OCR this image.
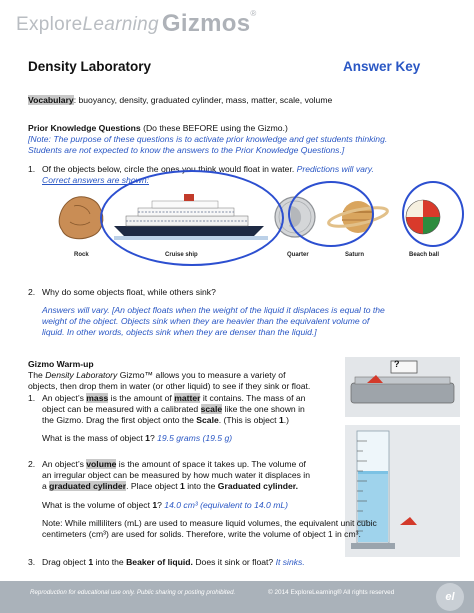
ExploreLearning Gizmos®
Density Laboratory	Answer Key
Vocabulary: buoyancy, density, graduated cylinder, mass, matter, scale, volume
Prior Knowledge Questions (Do these BEFORE using the Gizmo.)
[Note: The purpose of these questions is to activate prior knowledge and get students thinking.
Students are not expected to know the answers to the Prior Knowledge Questions.]
1. Of the objects below, circle the ones you think would float in water. Predictions will vary.
Correct answers are shown:
Rock	Cruise ship	Quarter	Saturn	Beach ball
2. Why do some objects float, while others sink?
Answers will vary. [An object floats when the weight of the liquid it displaces is equal to the
weight of the object. Objects sink when they are heavier than the equivalent volume of
liquid. In other words, objects sink when they are denser than the liquid.]
Gizmo Warm-up
The Density Laboratory Gizmo™ allows you to measure a variety of
objects, then drop them in water (or other liquid) to see if they sink or float.
?
1. An object’s mass is the amount of matter it contains. The mass of an
object can be measured with a calibrated scale like the one shown in
the Gizmo. Drag the first object onto the Scale. (This is object 1.)
What is the mass of object 1? 19.5 grams (19.5 g)
2. An object’s volume is the amount of space it takes up. The volume of
an irregular object can be measured by how much water it displaces in
a graduated cylinder. Place object 1 into the Graduated cylinder.
What is the volume of object 1? 14.0 cm³ (equivalent to 14.0 mL)
Note: While milliliters (mL) are used to measure liquid volumes, the equivalent unit cubic
centimeters (cm³) are used for solids. Therefore, write the volume of object 1 in cm³.
3. Drag object 1 into the Beaker of liquid. Does it sink or float? It sinks.
Reproduction for educational use only. Public sharing or posting prohibited.	© 2014 ExploreLearning® All rights reserved	el
